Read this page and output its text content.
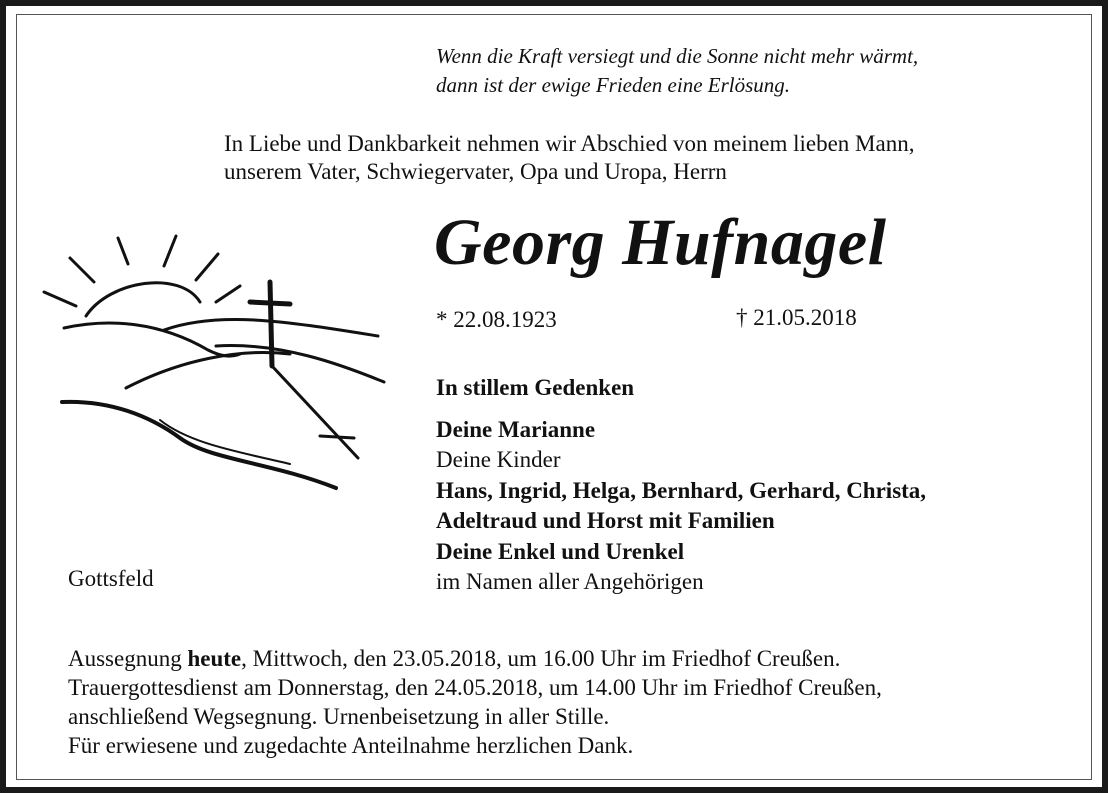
Wenn die Kraft versiegt und die Sonne nicht mehr wärmt,
dann ist der ewige Frieden eine Erlösung.
In Liebe und Dankbarkeit nehmen wir Abschied von meinem lieben Mann,
unserem Vater, Schwiegervater, Opa und Uropa, Herrn
Georg Hufnagel
* 22.08.1923	† 21.05.2018
In stillem Gedenken
Deine Marianne
Deine Kinder
Hans, Ingrid, Helga, Bernhard, Gerhard, Christa,
Adeltraud und Horst mit Familien
Deine Enkel und Urenkel
im Namen aller Angehörigen
Gottsfeld
Aussegnung heute, Mittwoch, den 23.05.2018, um 16.00 Uhr im Friedhof Creußen.
Trauergottesdienst am Donnerstag, den 24.05.2018, um 14.00 Uhr im Friedhof Creußen,
anschließend Wegsegnung. Urnenbeisetzung in aller Stille.
Für erwiesene und zugedachte Anteilnahme herzlichen Dank.
